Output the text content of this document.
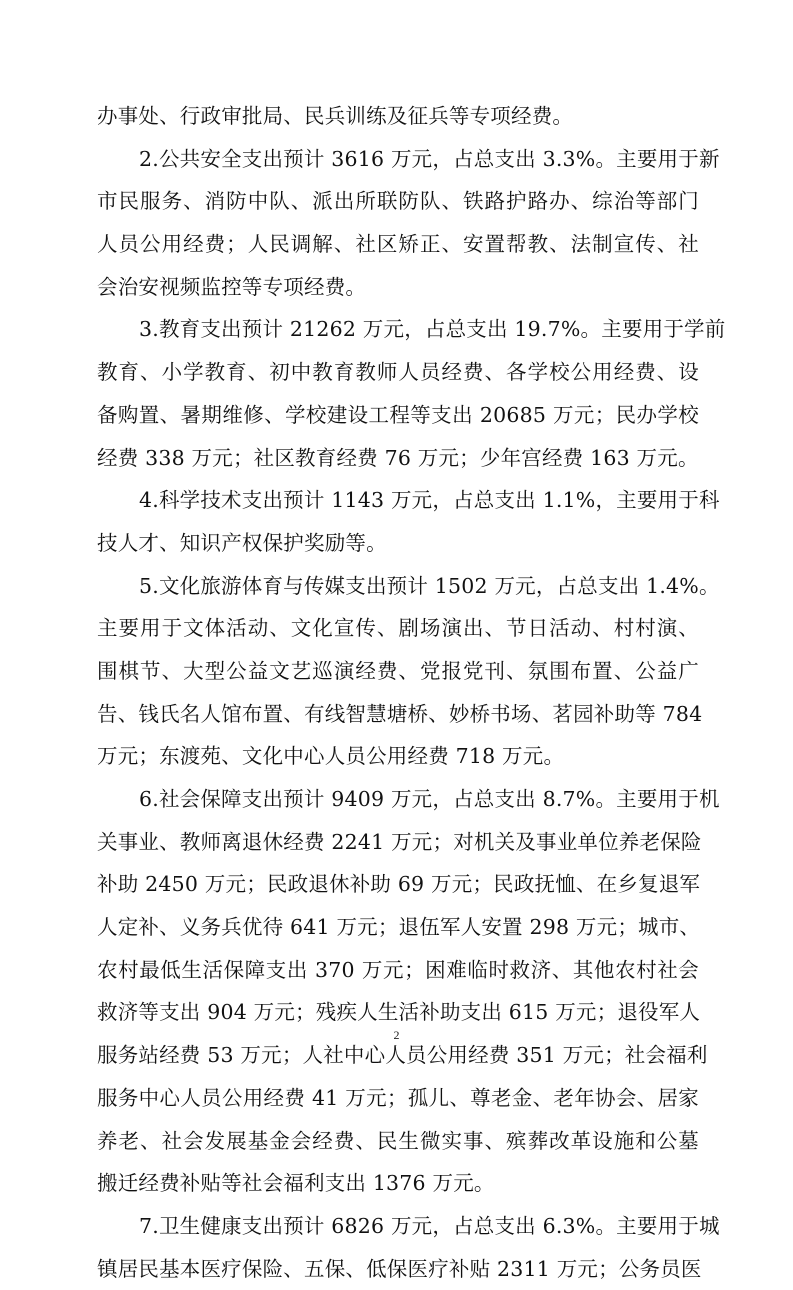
办事处、行政审批局、民兵训练及征兵等专项经费。
2.公共安全支出预计 3616 万元，占总支出 3.3%。主要用于新
市民服务、消防中队、派出所联防队、铁路护路办、综治等部门
人员公用经费；人民调解、社区矫正、安置帮教、法制宣传、社
会治安视频监控等专项经费。
3.教育支出预计 21262 万元，占总支出 19.7%。主要用于学前
教育、小学教育、初中教育教师人员经费、各学校公用经费、设
备购置、暑期维修、学校建设工程等支出 20685 万元；民办学校
经费 338 万元；社区教育经费 76 万元；少年宫经费 163 万元。
4.科学技术支出预计 1143 万元，占总支出 1.1%，主要用于科
技人才、知识产权保护奖励等。
5.文化旅游体育与传媒支出预计 1502 万元，占总支出 1.4%。
主要用于文体活动、文化宣传、剧场演出、节日活动、村村演、
围棋节、大型公益文艺巡演经费、党报党刊、氛围布置、公益广
告、钱氏名人馆布置、有线智慧塘桥、妙桥书场、茗园补助等 784
万元；东渡苑、文化中心人员公用经费 718 万元。
6.社会保障支出预计 9409 万元，占总支出 8.7%。主要用于机
关事业、教师离退休经费 2241 万元；对机关及事业单位养老保险
补助 2450 万元；民政退休补助 69 万元；民政抚恤、在乡复退军
人定补、义务兵优待 641 万元；退伍军人安置 298 万元；城市、
农村最低生活保障支出 370 万元；困难临时救济、其他农村社会
救济等支出 904 万元；残疾人生活补助支出 615 万元；退役军人
服务站经费 53 万元；人社中心人员公用经费 351 万元；社会福利
服务中心人员公用经费 41 万元；孤儿、尊老金、老年协会、居家
养老、社会发展基金会经费、民生微实事、殡葬改革设施和公墓
搬迁经费补贴等社会福利支出 1376 万元。
7.卫生健康支出预计 6826 万元，占总支出 6.3%。主要用于城
镇居民基本医疗保险、五保、低保医疗补贴 2311 万元；公务员医
2
